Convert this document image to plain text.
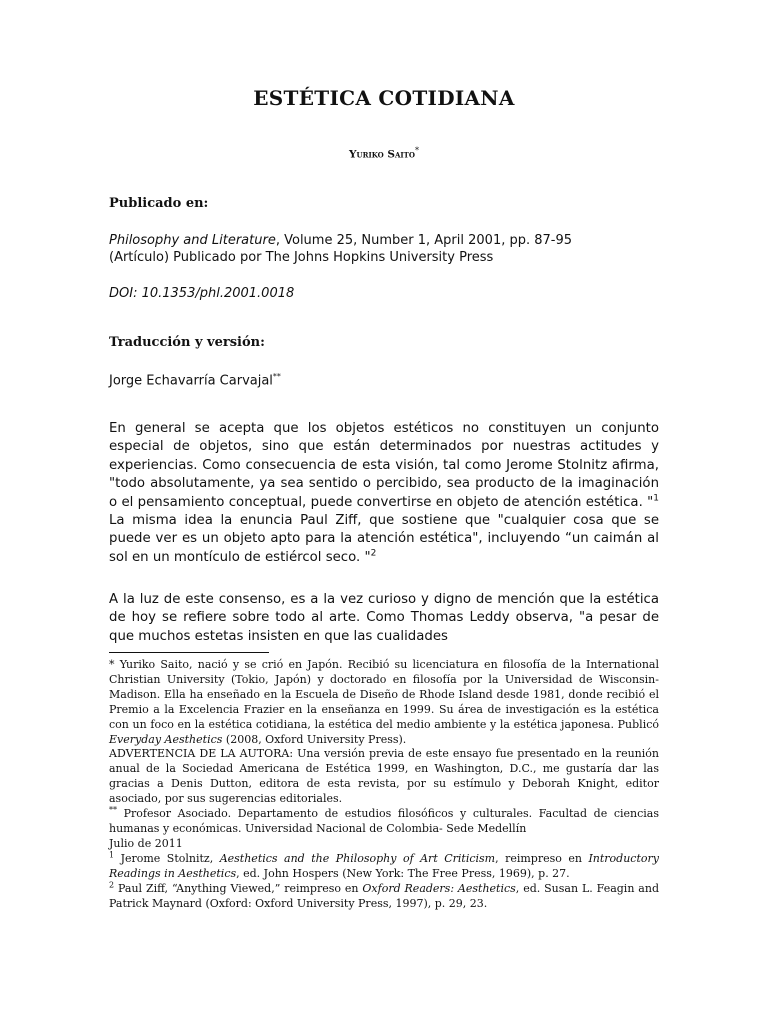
ESTÉTICA COTIDIANA
Yuriko Saito*
Publicado en:
Philosophy and Literature, Volume 25, Number 1, April 2001, pp. 87-95
(Artículo) Publicado por The Johns Hopkins University Press
DOI: 10.1353/phl.2001.0018
Traducción y versión:
Jorge Echavarría Carvajal**
En general se acepta que los objetos estéticos no constituyen un conjunto especial de objetos, sino que están determinados por nuestras actitudes y experiencias. Como consecuencia de esta visión, tal como Jerome Stolnitz afirma, "todo absolutamente, ya sea sentido o percibido, sea producto de la imaginación o el pensamiento conceptual, puede convertirse en objeto de atención estética. "$^1$ La misma idea la enuncia Paul Ziff, que sostiene que "cualquier cosa que se puede ver es un objeto apto para la atención estética", incluyendo “un caimán al sol en un montículo de estiércol seco. "$^2$
A la luz de este consenso, es a la vez curioso y digno de mención que la estética de hoy se refiere sobre todo al arte. Como Thomas Leddy observa, "a pesar de que muchos estetas insisten en que las cualidades

* Yuriko Saito, nació y se crió en Japón. Recibió su licenciatura en filosofía de la International Christian University (Tokio, Japón) y doctorado en filosofía por la Universidad de Wisconsin-Madison. Ella ha enseñado en la Escuela de Diseño de Rhode Island desde 1981, donde recibió el Premio a la Excelencia Frazier en la enseñanza en 1999. Su área de investigación es la estética con un foco en la estética cotidiana, la estética del medio ambiente y la estética japonesa. Publicó Everyday Aesthetics (2008, Oxford University Press).

ADVERTENCIA DE LA AUTORA: Una versión previa de este ensayo fue presentado en la reunión anual de la Sociedad Americana de Estética 1999, en Washington, D.C., me gustaría dar las gracias a Denis Dutton, editora de esta revista, por su estímulo y Deborah Knight, editor asociado, por sus sugerencias editoriales.

** Profesor Asociado. Departamento de estudios filosóficos y culturales. Facultad de ciencias humanas y económicas. Universidad Nacional de Colombia- Sede Medellín

Julio de 2011

$^1$ Jerome Stolnitz, Aesthetics and the Philosophy of Art Criticism, reimpreso en Introductory Readings in Aesthetics, ed. John Hospers (New York: The Free Press, 1969), p. 27.

$^2$ Paul Ziff, “Anything Viewed,” reimpreso en Oxford Readers: Aesthetics, ed. Susan L. Feagin and Patrick Maynard (Oxford: Oxford University Press, 1997), p. 29, 23.
